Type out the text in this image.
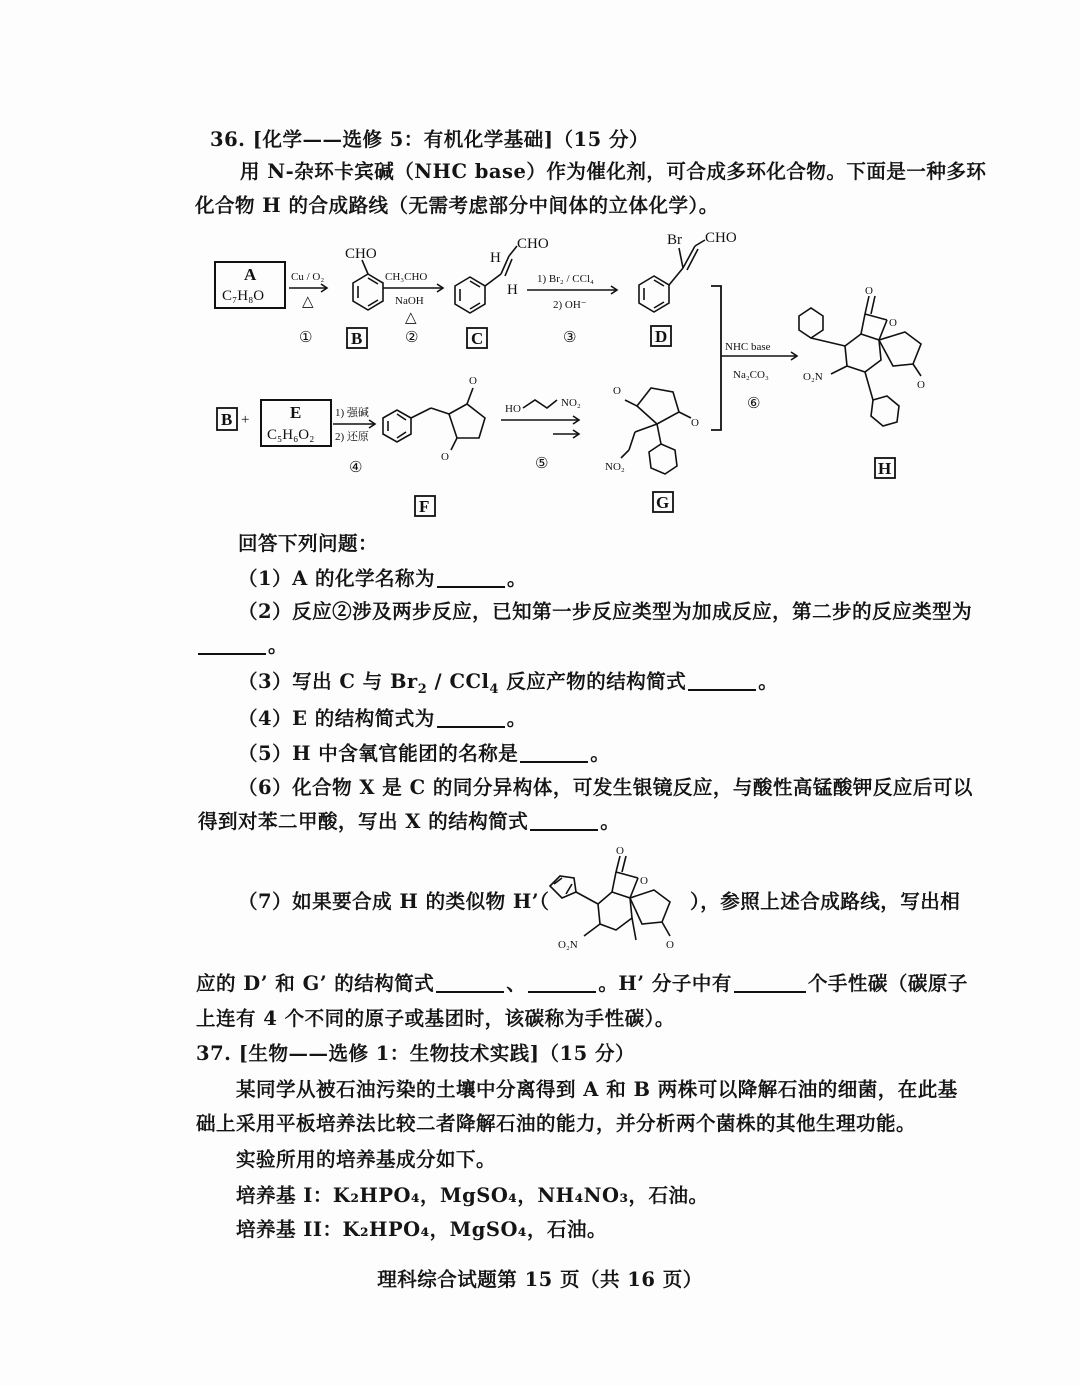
36. [化学——选修 5：有机化学基础]（15 分）
用 N-杂环卡宾碱（NHC base）作为催化剂，可合成多环化合物。下面是一种多环
化合物 H 的合成路线（无需考虑部分中间体的立体化学）。
A
C₇H₈O
Cu / O₂
△
①
CHO
B
CH₃CHO
NaOH
△
②
CHO
H
H
C
1) Br₂ / CCl₄
2) OH⁻
③
Br CHO
D
NHC base
Na₂CO₃
⑥
O
O
O
O₂N
H
B + E
C₅H₆O₂
1) 强碱
2) 还原
④
O
O
F
HO	NO₂
⑤
O
O
NO₂
G
回答下列问题：
（1）A 的化学名称为	。
（2）反应②涉及两步反应，已知第一步反应类型为加成反应，第二步的反应类型为
。
（3）写出 C 与 $Br_2 / CCl_4$ 反应产物的结构简式	。
（4）E 的结构简式为	。
（5）H 中含氧官能团的名称是	。
（6）化合物 X 是 C 的同分异构体，可发生银镜反应，与酸性高锰酸钾反应后可以
得到对苯二甲酸，写出 X 的结构简式	。
（7）如果要合成 H 的类似物 H’（	），参照上述合成路线，写出相
O
O
O
O₂N
应的 D’ 和 G’ 的结构简式	、	。H’ 分子中有	个手性碳（碳原子
上连有 4 个不同的原子或基团时，该碳称为手性碳）。
37. [生物——选修 1：生物技术实践]（15 分）
某同学从被石油污染的土壤中分离得到 A 和 B 两株可以降解石油的细菌，在此基
础上采用平板培养法比较二者降解石油的能力，并分析两个菌株的其他生理功能。
实验所用的培养基成分如下。
培养基 I：K₂HPO₄，MgSO₄，NH₄NO₃，石油。
培养基 II：K₂HPO₄，MgSO₄，石油。
理科综合试题第 15 页（共 16 页）
